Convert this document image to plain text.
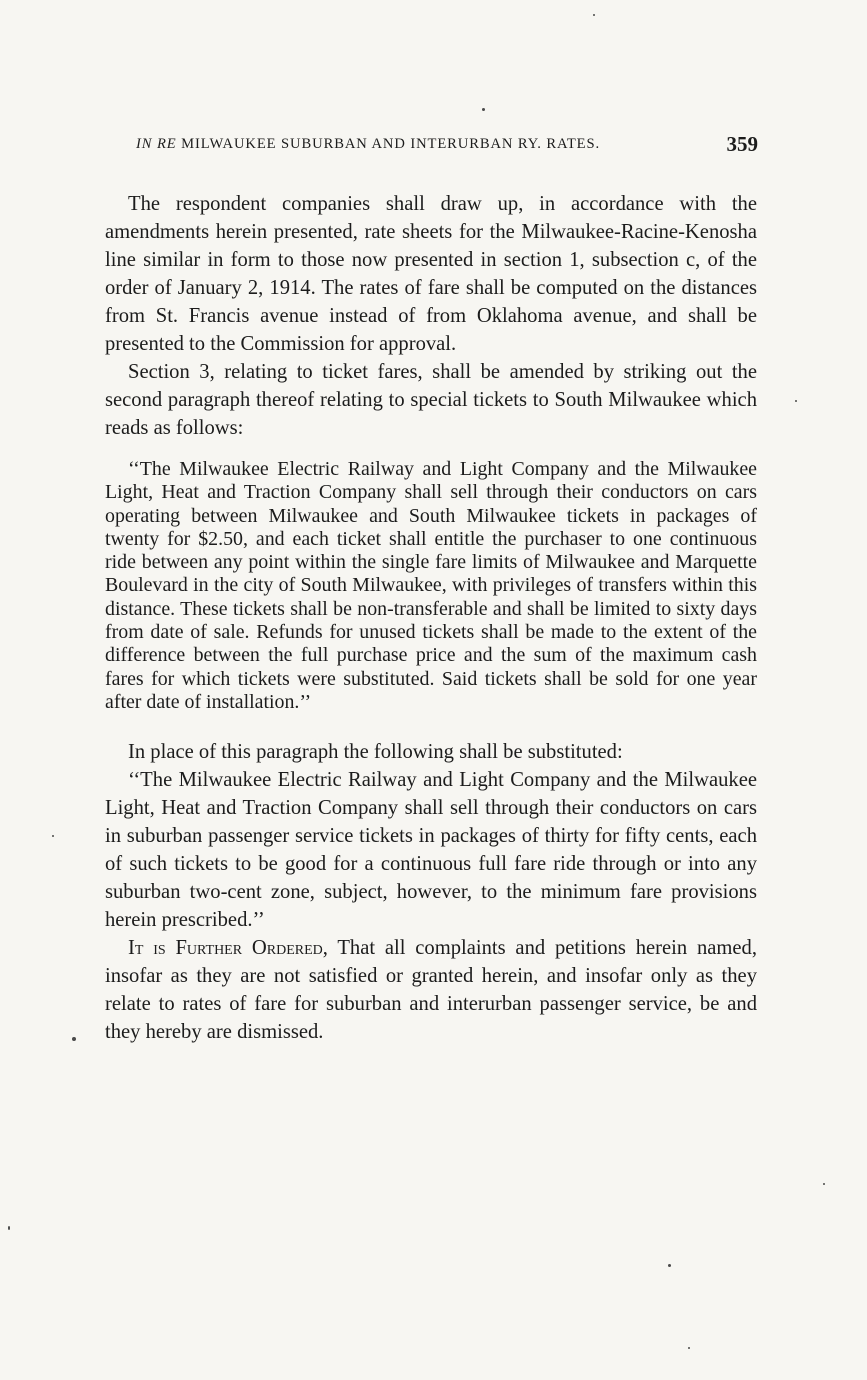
IN RE MILWAUKEE SUBURBAN AND INTERURBAN RY. RATES.	359

The respondent companies shall draw up, in accordance with the amendments herein presented, rate sheets for the Milwaukee-Racine-Kenosha line similar in form to those now presented in section 1, subsection c, of the order of January 2, 1914. The rates of fare shall be computed on the distances from St. Francis avenue instead of from Oklahoma avenue, and shall be presented to the Commission for approval.

Section 3, relating to ticket fares, shall be amended by striking out the second paragraph thereof relating to special tickets to South Milwaukee which reads as follows:

‘‘The Milwaukee Electric Railway and Light Company and the Milwaukee Light, Heat and Traction Company shall sell through their conductors on cars operating between Milwaukee and South Milwaukee tickets in packages of twenty for $2.50, and each ticket shall entitle the purchaser to one continuous ride between any point within the single fare limits of Milwaukee and Marquette Boulevard in the city of South Milwaukee, with privileges of transfers within this distance. These tickets shall be non-transferable and shall be limited to sixty days from date of sale. Refunds for unused tickets shall be made to the extent of the difference between the full purchase price and the sum of the maximum cash fares for which tickets were substituted. Said tickets shall be sold for one year after date of installation.’’

In place of this paragraph the following shall be substituted:

‘‘The Milwaukee Electric Railway and Light Company and the Milwaukee Light, Heat and Traction Company shall sell through their conductors on cars in suburban passenger service tickets in packages of thirty for fifty cents, each of such tickets to be good for a continuous full fare ride through or into any suburban two-cent zone, subject, however, to the minimum fare provisions herein prescribed.’’

It is Further Ordered, That all complaints and petitions herein named, insofar as they are not satisfied or granted herein, and insofar only as they relate to rates of fare for suburban and interurban passenger service, be and they hereby are dismissed.
